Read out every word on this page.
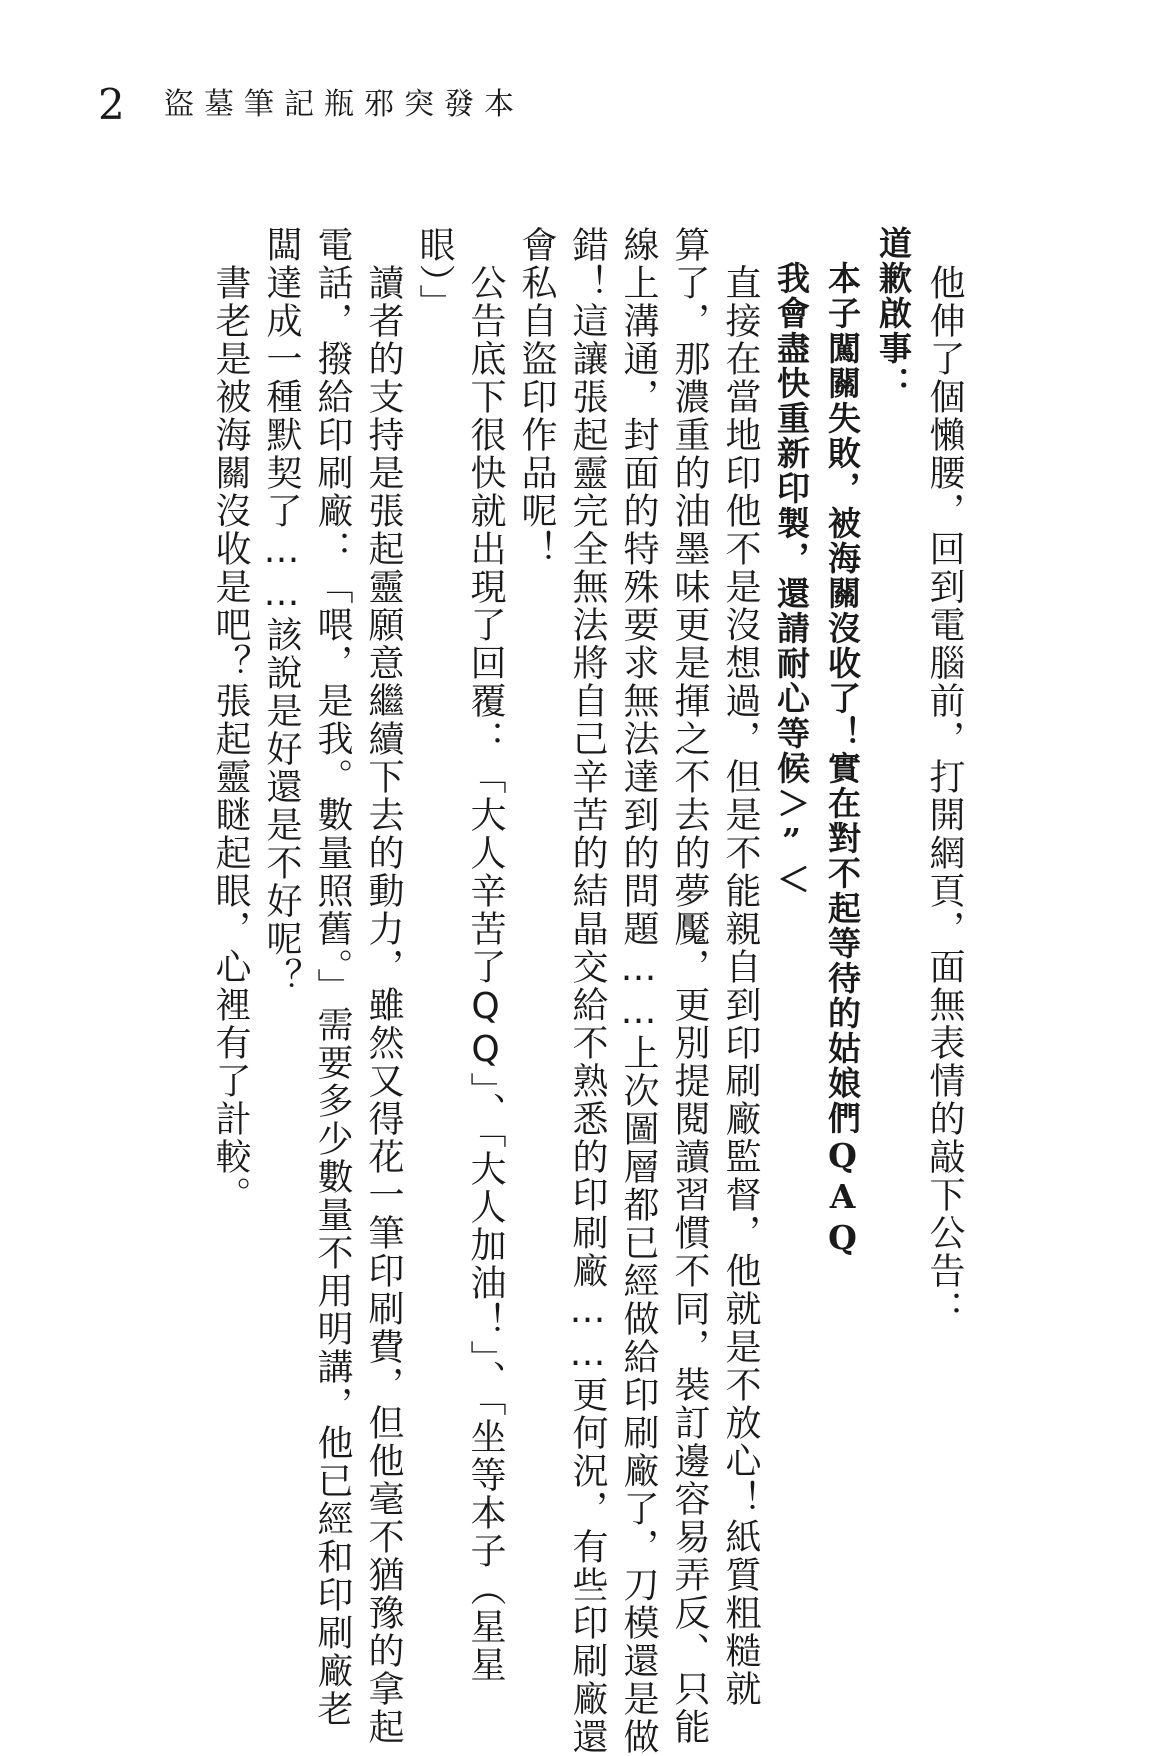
2 盜墓筆記瓶邪突發本

　他伸了個懶腰，回到電腦前，打開網頁，面無表情的敲下公告：

道歉啟事：

　本子闖關失敗，被海關沒收了！實在對不起等待的姑娘們QAQ

　我會盡快重新印製，還請耐心等候＞”＜

　直接在當地印他不是沒想過，但是不能親自到印刷廠監督，他就是不放心！紙質粗糙就

算了，那濃重的油墨味更是揮之不去的夢魘，更別提閱讀習慣不同，裝訂邊容易弄反、只能

線上溝通，封面的特殊要求無法達到的問題……上次圖層都已經做給印刷廠了，刀模還是做

錯！這讓張起靈完全無法將自己辛苦的結晶交給不熟悉的印刷廠……更何況，有些印刷廠還

會私自盜印作品呢！

　公告底下很快就出現了回覆：「大人辛苦了QQ」、「大人加油！」、「坐等本子（星星

眼）」

　讀者的支持是張起靈願意繼續下去的動力，雖然又得花一筆印刷費，但他毫不猶豫的拿起

電話，撥給印刷廠：「喂，是我。數量照舊。」需要多少數量不用明講，他已經和印刷廠老

闆達成一種默契了……該說是好還是不好呢？

　書老是被海關沒收是吧？張起靈瞇起眼，心裡有了計較。
